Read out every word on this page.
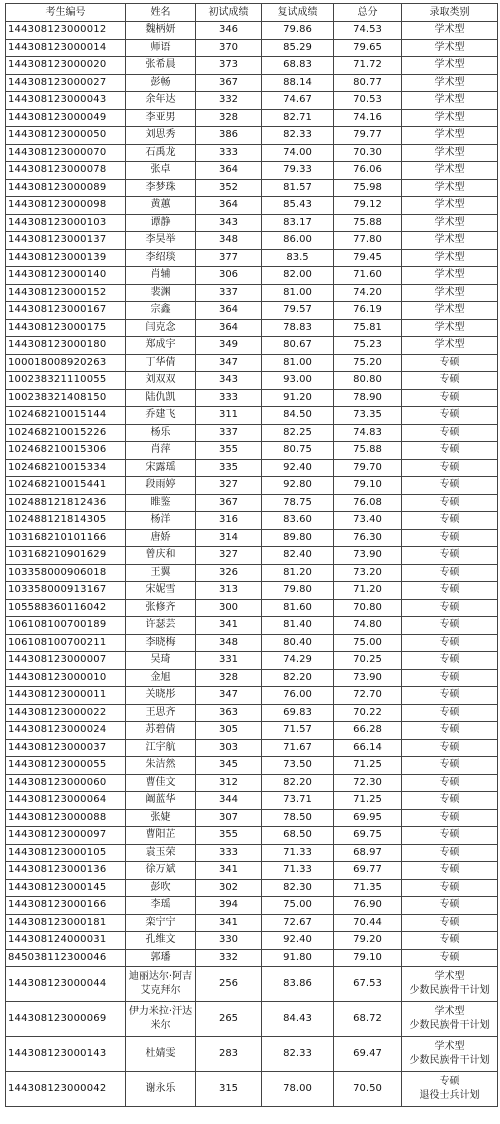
考生编号	姓名	初试成绩	复试成绩	总分	录取类别
144308123000012	魏柄妍	346	79.86	74.53	学术型

144308123000014	师语	370	85.29	79.65	学术型

144308123000020	张希晨	373	68.83	71.72	学术型

144308123000027	彭畅	367	88.14	80.77	学术型

144308123000043	余年达	332	74.67	70.53	学术型

144308123000049	李亚男	328	82.71	74.16	学术型

144308123000050	刘思秀	386	82.33	79.77	学术型

144308123000070	石禹龙	333	74.00	70.30	学术型

144308123000078	张卓	364	79.33	76.06	学术型

144308123000089	李梦珠	352	81.57	75.98	学术型

144308123000098	黄蕙	364	85.43	79.12	学术型

144308123000103	谭静	343	83.17	75.88	学术型

144308123000137	李昊举	348	86.00	77.80	学术型

144308123000139	李绍琰	377	83.5	79.45	学术型

144308123000140	肖辅	306	82.00	71.60	学术型

144308123000152	裴渊	337	81.00	74.20	学术型

144308123000167	宗鑫	364	79.57	76.19	学术型

144308123000175	闫克念	364	78.83	75.81	学术型

144308123000180	郑成宇	349	80.67	75.23	学术型

100018008920263	丁华倩	347	81.00	75.20	专硕

100238321110055	刘双双	343	93.00	80.80	专硕

100238321408150	陆仇凯	333	91.20	78.90	专硕

102468210015144	乔建飞	311	84.50	73.35	专硕

102468210015226	杨乐	337	82.25	74.83	专硕

102468210015306	肖萍	355	80.75	75.88	专硕

102468210015334	宋露瑶	335	92.40	79.70	专硕

102468210015441	段雨婷	327	92.80	79.10	专硕

102488121812436	睢鉴	367	78.75	76.08	专硕

102488121814305	杨洋	316	83.60	73.40	专硕

103168210101166	唐娇	314	89.80	76.30	专硕

103168210901629	曾庆和	327	82.40	73.90	专硕

103358000906018	王翼	326	81.20	73.20	专硕

103358000913167	宋妮雪	313	79.80	71.20	专硕

105588360116042	张修齐	300	81.60	70.80	专硕

106108100700189	许瑟芸	341	81.40	74.80	专硕

106108100700211	李晓梅	348	80.40	75.00	专硕

144308123000007	吴琦	331	74.29	70.25	专硕

144308123000010	金旭	328	82.20	73.90	专硕

144308123000011	关晓彤	347	76.00	72.70	专硕

144308123000022	王思齐	363	69.83	70.22	专硕

144308123000024	苏碧倩	305	71.57	66.28	专硕

144308123000037	江宇航	303	71.67	66.14	专硕

144308123000055	朱洁然	345	73.50	71.25	专硕

144308123000060	曹佳文	312	82.20	72.30	专硕

144308123000064	阚蓝华	344	73.71	71.25	专硕

144308123000088	张婕	307	78.50	69.95	专硕

144308123000097	曹阳芷	355	68.50	69.75	专硕

144308123000105	袁玉荣	333	71.33	68.97	专硕

144308123000136	徐万斌	341	71.33	69.77	专硕

144308123000145	彭吹	302	82.30	71.35	专硕

144308123000166	李瑶	394	75.00	76.90	专硕

144308123000181	栾宁宁	341	72.67	70.44	专硕

144308124000031	孔维文	330	92.40	79.20	专硕

845038112300046	郭璠	332	91.80	79.10	专硕

144308123000044	迪丽达尔·阿吉艾克拜尔	256	83.86	67.53	学术型
少数民族骨干计划

144308123000069	伊力米拉·汗达米尔	265	84.43	68.72	学术型
少数民族骨干计划

144308123000143	杜婧雯	283	82.33	69.47	学术型
少数民族骨干计划

144308123000042	谢永乐	315	78.00	70.50	专硕
退役士兵计划
